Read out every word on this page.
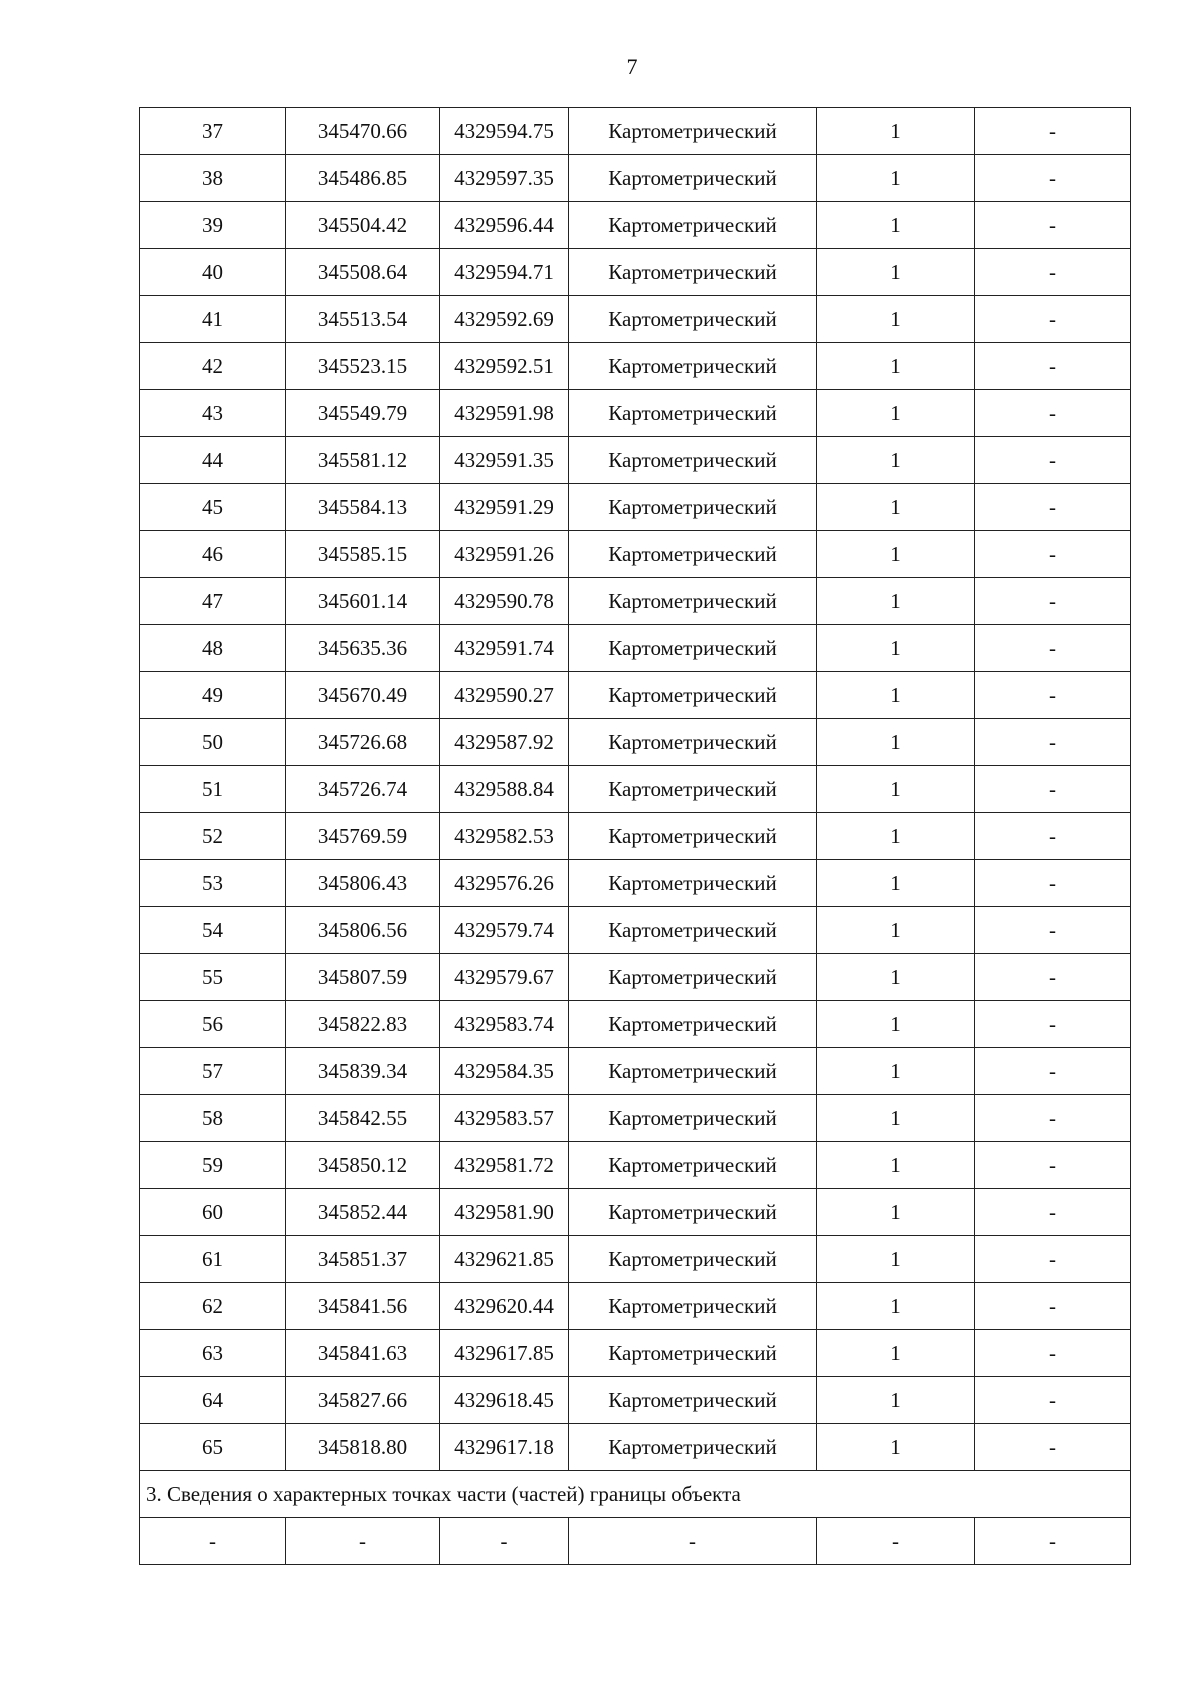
7
37	345470.66	4329594.75	Картометрический	1	-
38	345486.85	4329597.35	Картометрический	1	-
39	345504.42	4329596.44	Картометрический	1	-
40	345508.64	4329594.71	Картометрический	1	-
41	345513.54	4329592.69	Картометрический	1	-
42	345523.15	4329592.51	Картометрический	1	-
43	345549.79	4329591.98	Картометрический	1	-
44	345581.12	4329591.35	Картометрический	1	-
45	345584.13	4329591.29	Картометрический	1	-
46	345585.15	4329591.26	Картометрический	1	-
47	345601.14	4329590.78	Картометрический	1	-
48	345635.36	4329591.74	Картометрический	1	-
49	345670.49	4329590.27	Картометрический	1	-
50	345726.68	4329587.92	Картометрический	1	-
51	345726.74	4329588.84	Картометрический	1	-
52	345769.59	4329582.53	Картометрический	1	-
53	345806.43	4329576.26	Картометрический	1	-
54	345806.56	4329579.74	Картометрический	1	-
55	345807.59	4329579.67	Картометрический	1	-
56	345822.83	4329583.74	Картометрический	1	-
57	345839.34	4329584.35	Картометрический	1	-
58	345842.55	4329583.57	Картометрический	1	-
59	345850.12	4329581.72	Картометрический	1	-
60	345852.44	4329581.90	Картометрический	1	-
61	345851.37	4329621.85	Картометрический	1	-
62	345841.56	4329620.44	Картометрический	1	-
63	345841.63	4329617.85	Картометрический	1	-
64	345827.66	4329618.45	Картометрический	1	-
65	345818.80	4329617.18	Картометрический	1	-
3. Сведения о характерных точках части (частей) границы объекта					
-	-	-	-	-	-
